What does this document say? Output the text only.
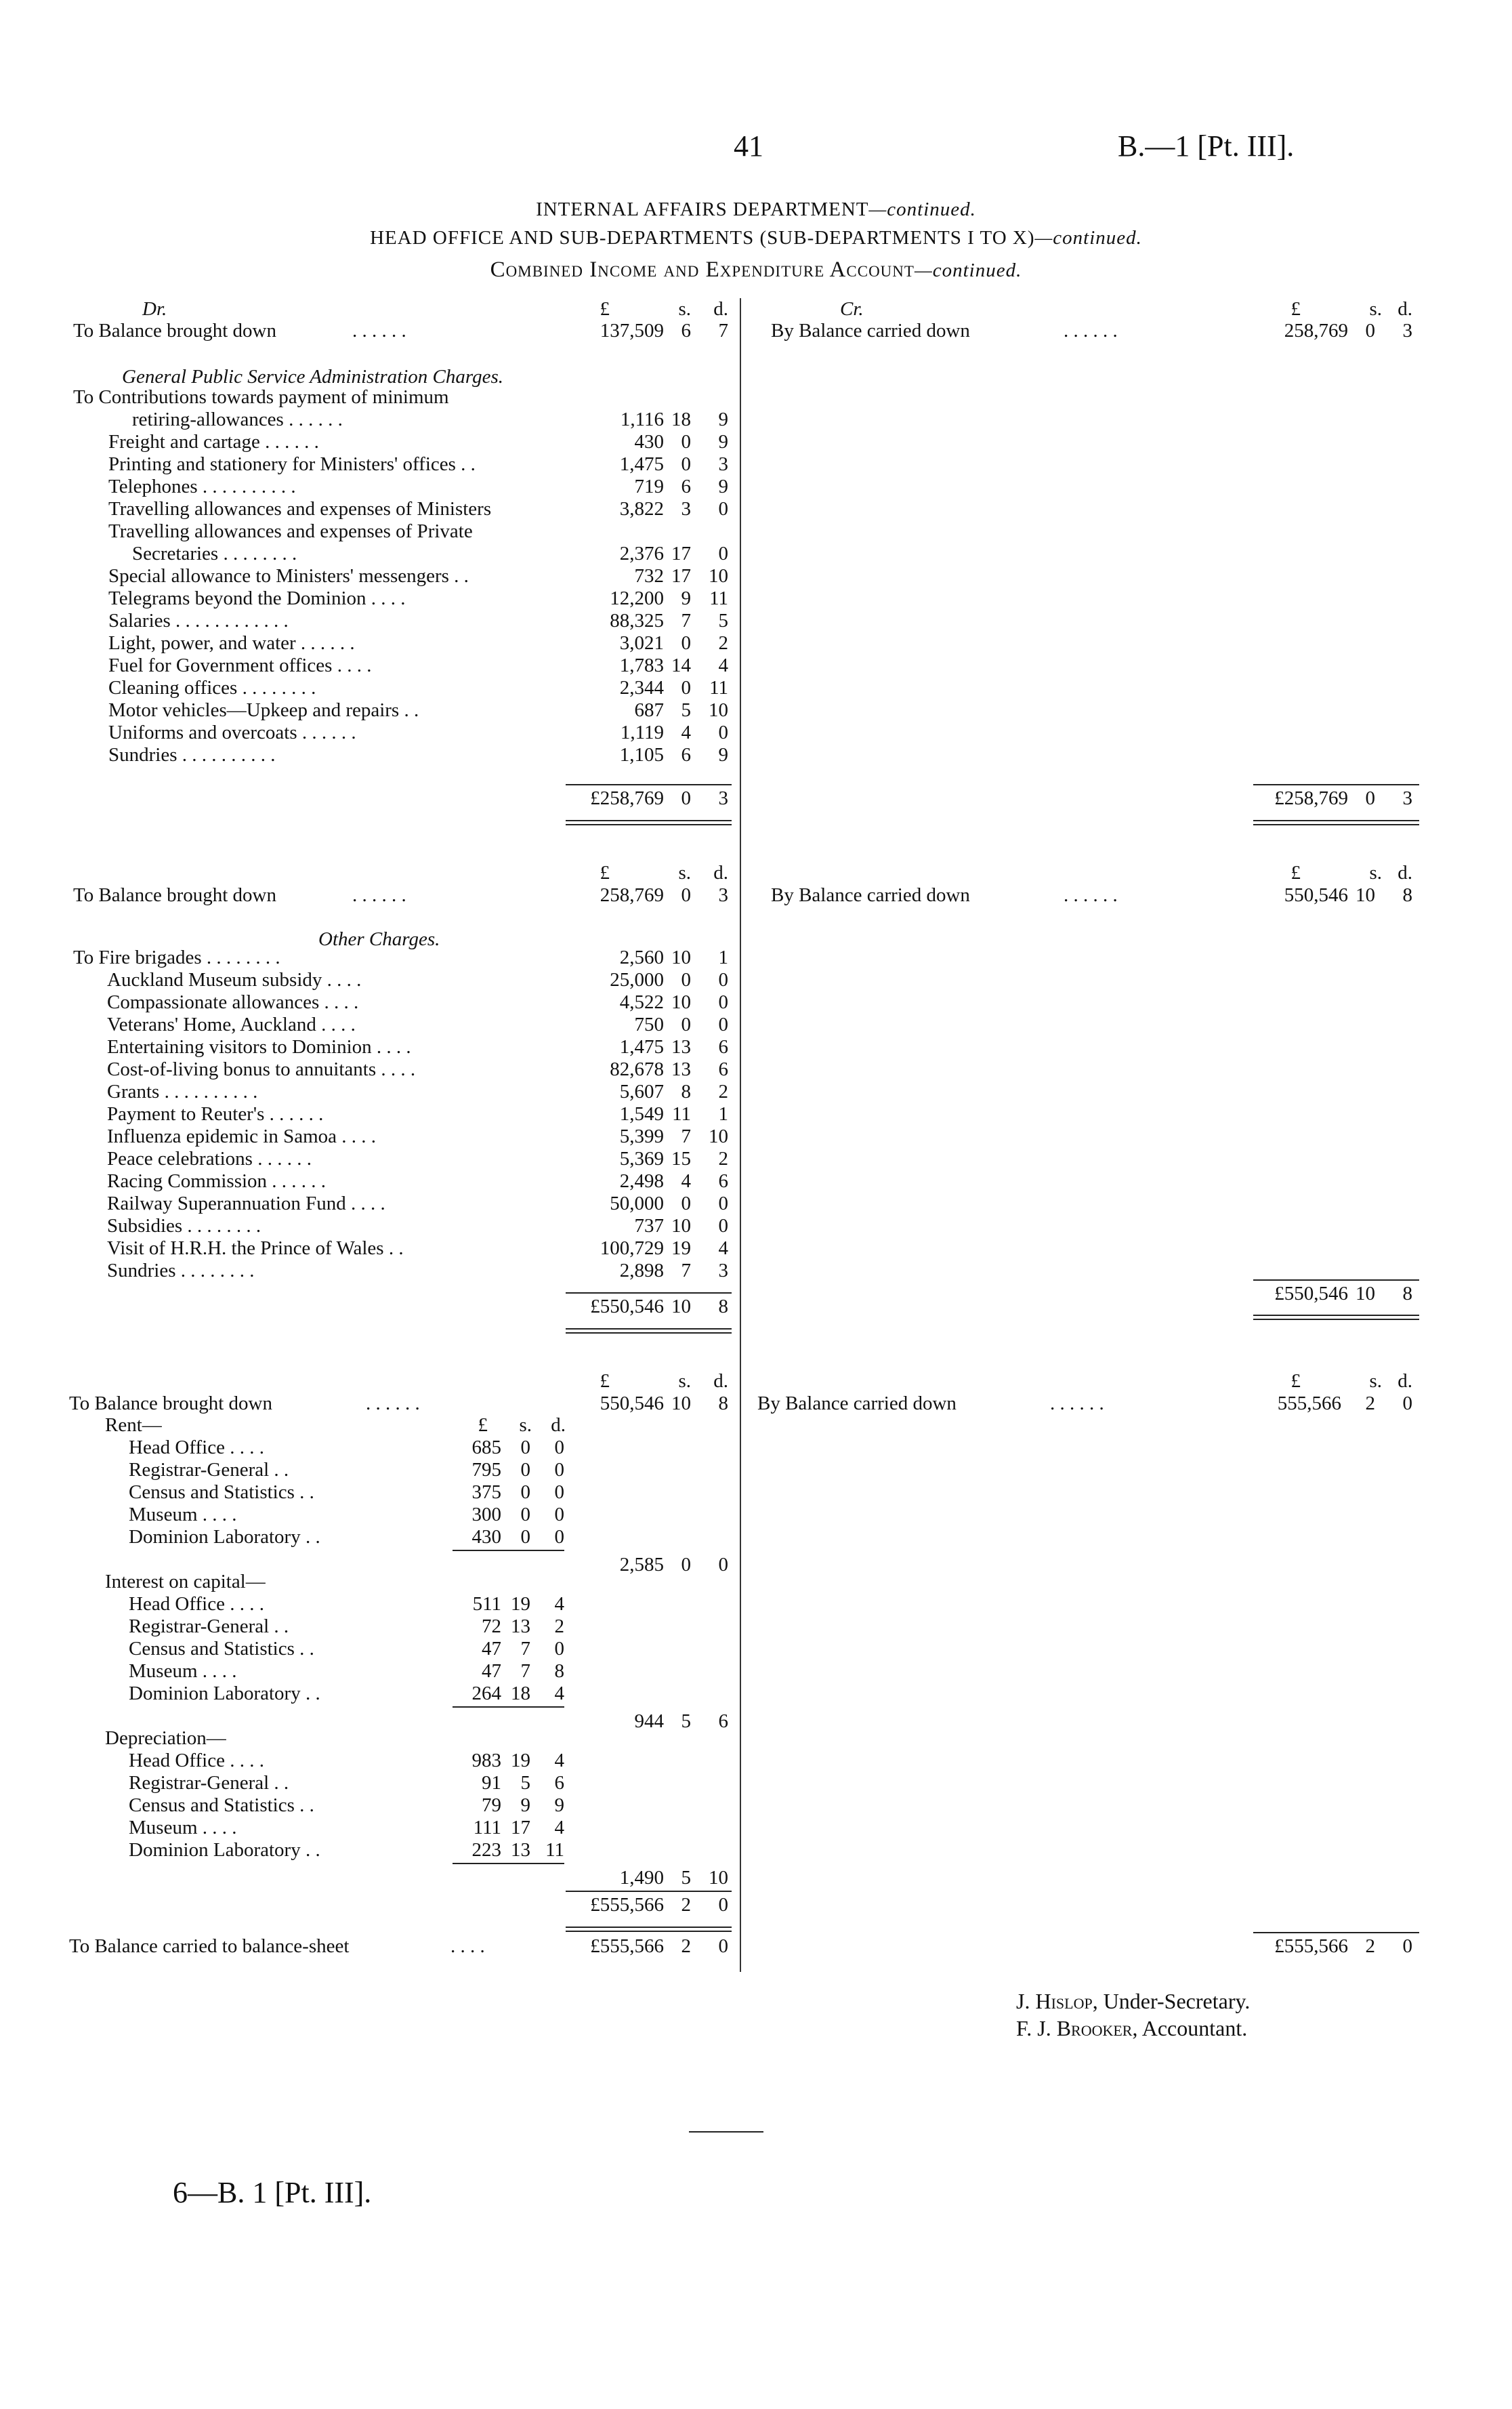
41	B.—1 [Pt. III].
INTERNAL AFFAIRS DEPARTMENT—continued.
HEAD OFFICE AND SUB-DEPARTMENTS (SUB-DEPARTMENTS I TO X)—continued.
Combined Income and Expenditure Account—continued.
Dr.	£	s.	d.	Cr.	£	s. d.
To Balance brought down	. . . . . .	137,509 6	7 By Balance carried down	. . . . . .	258,769 0	3
General Public Service Administration Charges.
To Contributions towards payment of minimum
retiring-allowances . . . . . .	1,116 18	9
Freight and cartage . . . . . .	430 0	9
Printing and stationery for Ministers' offices . .	1,475 0	3
Telephones . . . . . . . . . .	719 6	9
Travelling allowances and expenses of Ministers	3,822 3	0
Travelling allowances and expenses of Private
Secretaries . . . . . . . .	2,376 17	0
Special allowance to Ministers' messengers . .	732 17 10
Telegrams beyond the Dominion . . . .	12,200 9 11
Salaries . . . . . . . . . . . .	88,325 7	5
Light, power, and water . . . . . .	3,021 0	2
Fuel for Government offices . . . .	1,783 14	4
Cleaning offices . . . . . . . .	2,344 0 11
Motor vehicles—Upkeep and repairs . .	687 5 10
Uniforms and overcoats . . . . . .	1,119 4	0
Sundries . . . . . . . . . .	1,105 6	9
£258,769 0	3	£258,769 0	3
£	s.	d.	£	s. d.
To Balance brought down	. . . . . .	258,769 0	3 By Balance carried down	. . . . . .	550,546 10	8
Other Charges.
To Fire brigades . . . . . . . .	2,560 10	1
Auckland Museum subsidy . . . .	25,000 0	0
Compassionate allowances . . . .	4,522 10	0
Veterans' Home, Auckland . . . .	750 0	0
Entertaining visitors to Dominion . . . .	1,475 13	6
Cost-of-living bonus to annuitants . . . .	82,678 13	6
Grants . . . . . . . . . .	5,607 8	2
Payment to Reuter's . . . . . .	1,549 11	1
Influenza epidemic in Samoa . . . .	5,399 7 10
Peace celebrations . . . . . .	5,369 15	2
Racing Commission . . . . . .	2,498 4	6
Railway Superannuation Fund . . . .	50,000 0	0
Subsidies . . . . . . . .	737 10	0
Visit of H.R.H. the Prince of Wales . .	100,729 19	4
Sundries . . . . . . . .	2,898 7	3
£550,546 10	8
£550,546 10	8
£	s.	d.	£	s. d.
To Balance brought down	. . . . . .	550,546 10	8 By Balance carried down	. . . . . .	555,566	2	0
Rent—	£	s. d.
Head Office . . . .	685 0	0
Registrar-General . .	795 0	0
Census and Statistics . .	375 0	0
Museum . . . .	300 0	0
Dominion Laboratory . .	430 0	0
2,585 0	0
Interest on capital—
Head Office . . . .	511 19	4
Registrar-General . .	72 13	2
Census and Statistics . .	47 7	0
Museum . . . .	47 7	8
Dominion Laboratory . .	264 18	4
944 5	6
Depreciation—
Head Office . . . .	983 19	4
Registrar-General . .	91 5	6
Census and Statistics . .	79 9	9
Museum . . . .	111 17	4
Dominion Laboratory . .	223 13 11
1,490 5 10
£555,566 2	0
To Balance carried to balance-sheet	. . . .	£555,566 2	0	£555,566 2	0
J. Hislop, Under-Secretary.
F. J. Brooker, Accountant.
6—B. 1 [Pt. III].
